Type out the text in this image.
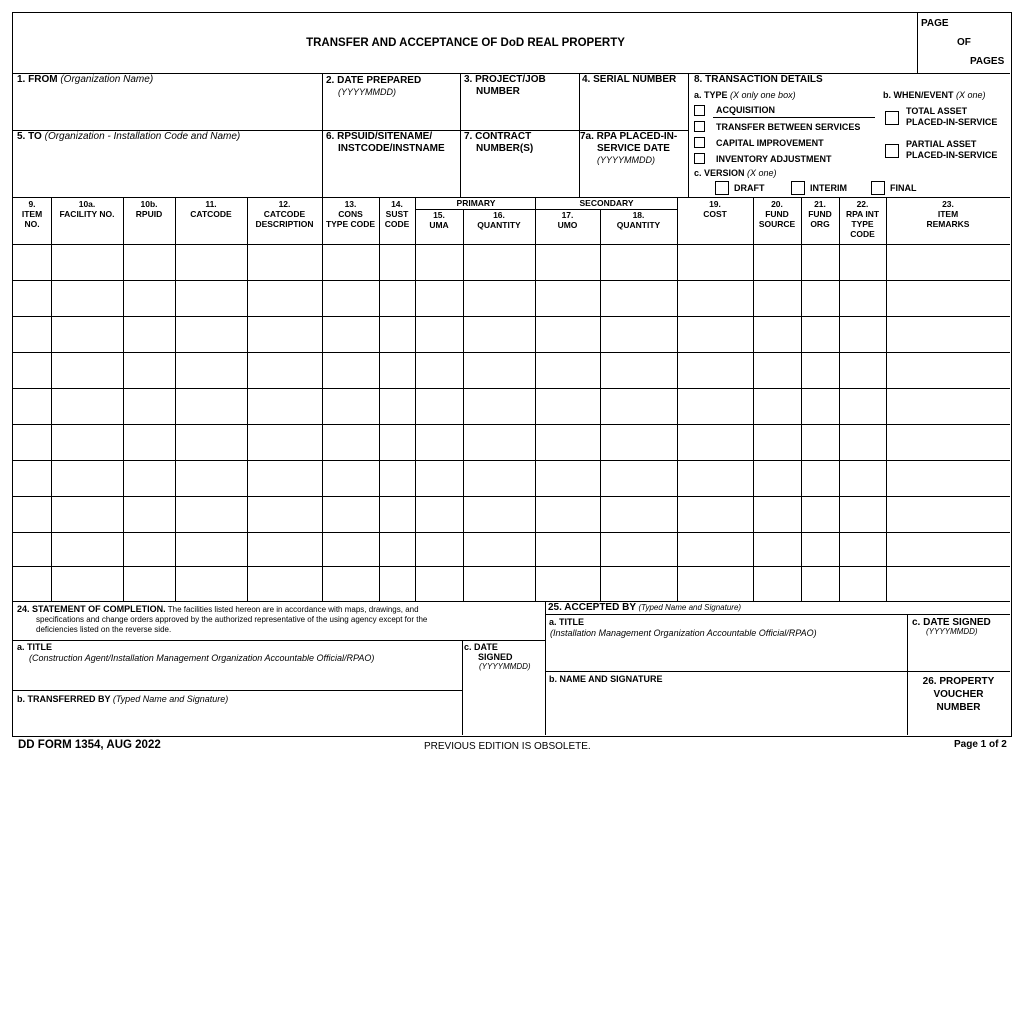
TRANSFER AND ACCEPTANCE OF DoD REAL PROPERTY
PAGE
OF
PAGES
1. FROM (Organization Name)	2. DATE PREPARED
(YYYYMMDD)
3. PROJECT/JOB
NUMBER
4. SERIAL NUMBER
5. TO (Organization - Installation Code and Name)	6. RPSUID/SITENAME/
INSTCODE/INSTNAME
7. CONTRACT
NUMBER(S)
7a. RPA PLACED-IN-
SERVICE DATE
(YYYYMMDD)
8. TRANSACTION DETAILS
a. TYPE (X only one box)
ACQUISITION
TRANSFER BETWEEN SERVICES
CAPITAL IMPROVEMENT
INVENTORY ADJUSTMENT
b. WHEN/EVENT (X one)
TOTAL ASSET
PLACED-IN-SERVICE
PARTIAL ASSET
PLACED-IN-SERVICE
c. VERSION (X one)
DRAFT	INTERIM	FINAL
PRIMARY	SECONDARY
9.
ITEM
NO.
10a.
FACILITY NO.
10b.
RPUID
11.
CATCODE
12.
CATCODE
DESCRIPTION
13.
CONS
TYPE CODE
14.
SUST
CODE
15.
UMA
16.
QUANTITY
17.
UMO
18.
QUANTITY
19.
COST
20.
FUND
SOURCE
21.
FUND
ORG
22.
RPA INT
TYPE
CODE
23.
ITEM
REMARKS
24. STATEMENT OF COMPLETION. The facilities listed hereon are in accordance with maps, drawings, and
specifications and change orders approved by the authorized representative of the using agency except for the
deficiencies listed on the reverse side.
a. TITLE
(Construction Agent/Installation Management Organization Accountable Official/RPAO)
b. TRANSFERRED BY (Typed Name and Signature)
c. DATE
SIGNED
(YYYYMMDD)
25. ACCEPTED BY (Typed Name and Signature)
a. TITLE
(Installation Management Organization Accountable Official/RPAO)
b. NAME AND SIGNATURE
c. DATE SIGNED
(YYYYMMDD)
26. PROPERTY
VOUCHER
NUMBER
DD FORM 1354, AUG 2022	PREVIOUS EDITION IS OBSOLETE.	Page 1 of 2
